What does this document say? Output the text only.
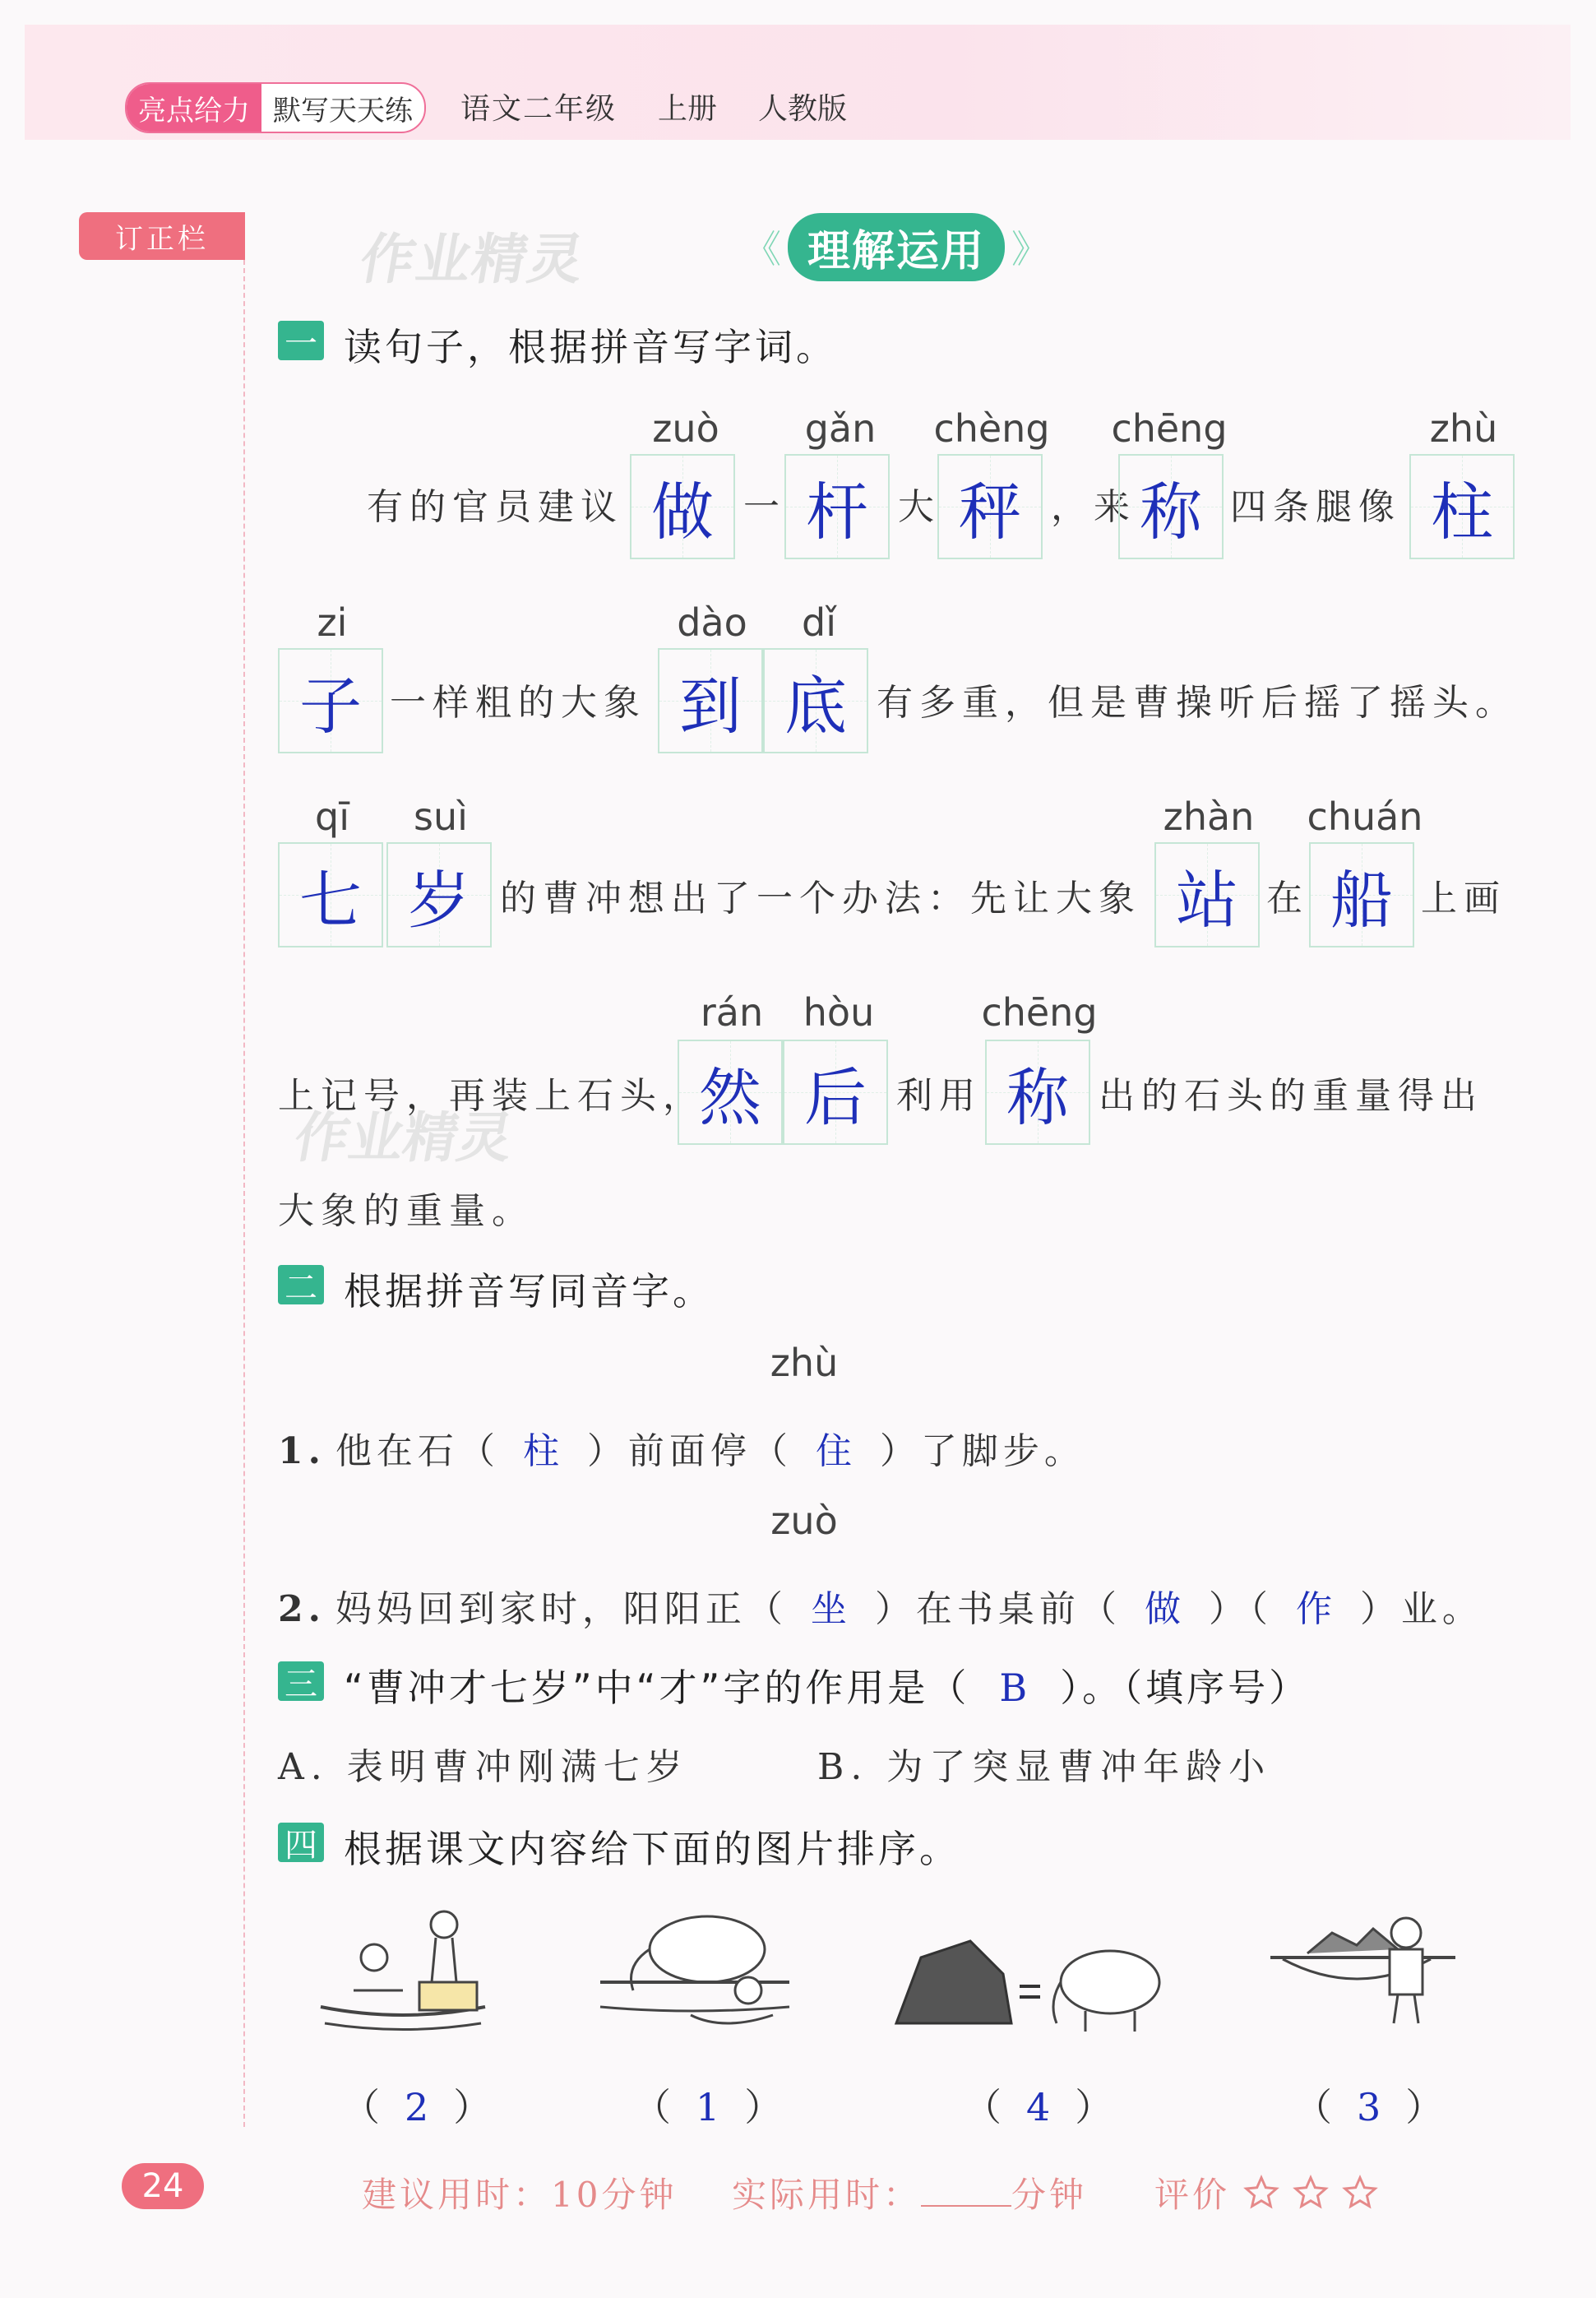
亮点给力 默写天天练	语文二年级 上册 人教版
订正栏	作业精灵
作业精灵
《 理解运用 》
一 读句子，根据拼音写字词。
zuò	gǎn	chèng chēng	zhù
有的官员建议 做 一 杆 大 秤 ，来 称 四条腿像 柱
zi	dào	dǐ
子 一样粗的大象 到 底 有多重，但是曹操听后摇了摇头。
qī	suì	zhàn	chuán
七 岁 的曹冲想出了一个办法：先让大象 站 在 船 上画
rán	hòu	chēng
上记号，再装上石头，
然 后 利用 称 出的石头的重量得出
大象的重量。
二 根据拼音写同音字。
zhù
1. 他在石（ 柱 ）前面停（ 住 ）了脚步。
zuò
2. 妈妈回到家时，阳阳正（ 坐 ）在书桌前（ 做 ）（ 作 ）业。
三 “曹冲才七岁”中“才”字的作用是（ B ）。（填序号）
A. 表明曹冲刚满七岁	B. 为了突显曹冲年龄小
四 根据课文内容给下面的图片排序。
（ 2 ）	（ 1 ）	（ 4 ）	（ 3 ）
24	建议用时：10分钟 实际用时：	分钟 评价
